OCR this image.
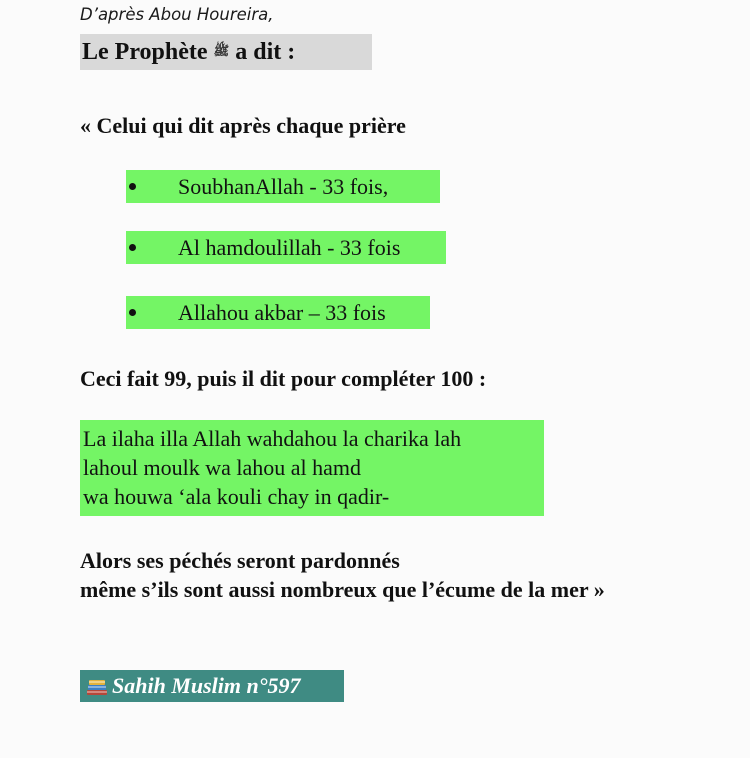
D’après Abou Houreira,
Le Prophète ﷺ a dit :
« Celui qui dit après chaque prière
SoubhanAllah - 33 fois,
Al hamdoulillah - 33 fois
Allahou akbar – 33 fois
Ceci fait 99, puis il dit pour compléter 100 :
La ilaha illa Allah wahdahou la charika lah
lahoul moulk wa lahou al hamd
wa houwa ‘ala kouli chay in qadir-
Alors ses péchés seront pardonnés
même s’ils sont aussi nombreux que l’écume de la mer »
Sahih Muslim n°597
